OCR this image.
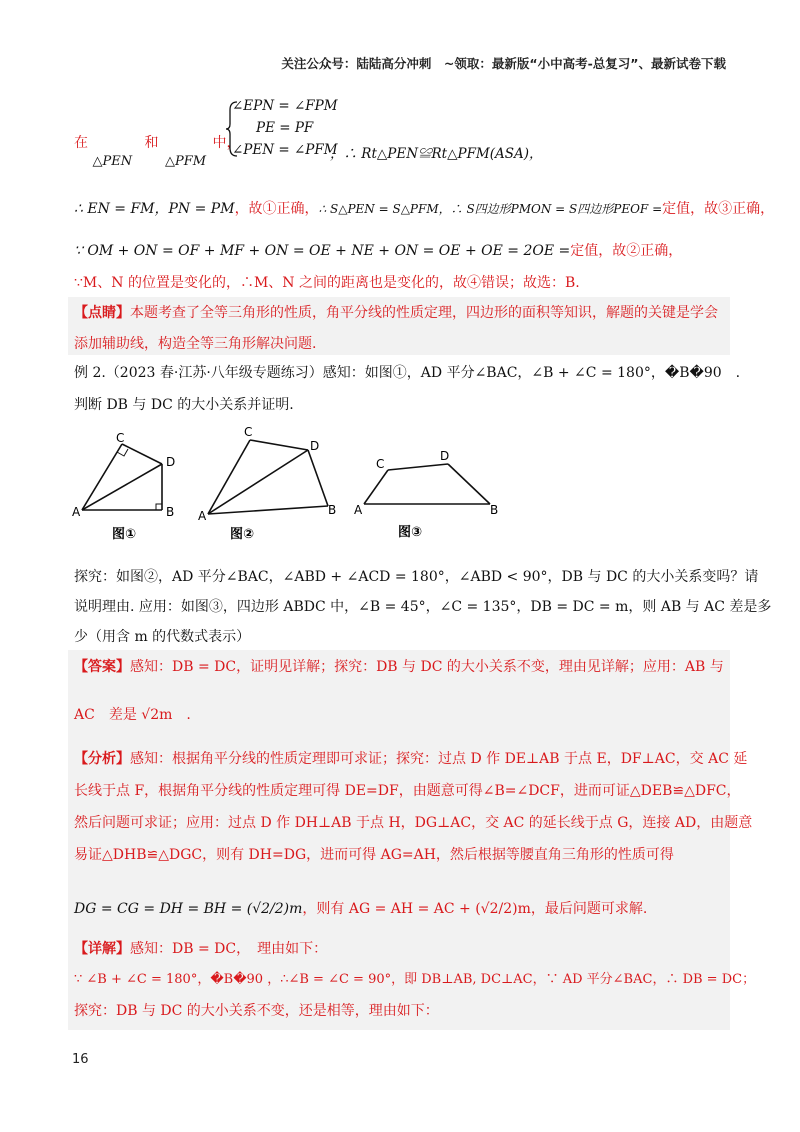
关注公众号：陆陆高分冲刺　~领取：最新版“小中高考-总复习”、最新试卷下载
在 △PEN 和 △PFM 中，
∠EPN = ∠FPM
PE = PF
∠PEN = ∠PFM
，∴ Rt△PEN≌Rt△PFM(ASA)，
∴ EN = FM，PN = PM，故①正确，∴ S△PEN = S△PFM，∴ S四边形PMON = S四边形PEOF =定值，故③正确，
∵ OM + ON = OF + MF + ON = OE + NE + ON = OE + OE = 2OE =定值，故②正确，
∵M、N 的位置是变化的，∴M、N 之间的距离也是变化的，故④错误；故选：B.
【点睛】本题考查了全等三角形的性质，角平分线的性质定理，四边形的面积等知识，解题的关键是学会
添加辅助线，构造全等三角形解决问题.
例 2.（2023 春·江苏·八年级专题练习）感知：如图①，AD 平分∠BAC，∠B + ∠C = 180°，�B�90　.
判断 DB 与 DC 的大小关系并证明.
C
D
A	B
图①
C
D
A	B
图②
C
D
A	B
图③
探究：如图②，AD 平分∠BAC，∠ABD + ∠ACD = 180°，∠ABD < 90°，DB 与 DC 的大小关系变吗？请
说明理由. 应用：如图③，四边形 ABDC 中，∠B = 45°，∠C = 135°，DB = DC = m，则 AB 与 AC 差是多
少（用含 m 的代数式表示）
【答案】感知：DB = DC，证明见详解；探究：DB 与 DC 的大小关系不变，理由见详解；应用：AB 与
AC　差是 √2m　.
【分析】感知：根据角平分线的性质定理即可求证；探究：过点 D 作 DE⊥AB 于点 E，DF⊥AC，交 AC 延
长线于点 F，根据角平分线的性质定理可得 DE=DF，由题意可得∠B=∠DCF，进而可证△DEB≌△DFC，
然后问题可求证；应用：过点 D 作 DH⊥AB 于点 H，DG⊥AC，交 AC 的延长线于点 G，连接 AD，由题意
易证△DHB≌△DGC，则有 DH=DG，进而可得 AG=AH，然后根据等腰直角三角形的性质可得
DG = CG = DH = BH = (√2/2)m，则有 AG = AH = AC + (√2/2)m，最后问题可求解.
【详解】感知：DB = DC，　理由如下：
∵ ∠B + ∠C = 180°，�B�90 ，∴∠B = ∠C = 90°，即 DB⊥AB, DC⊥AC，∵ AD 平分∠BAC，∴ DB = DC；
探究：DB 与 DC 的大小关系不变，还是相等，理由如下：
16
